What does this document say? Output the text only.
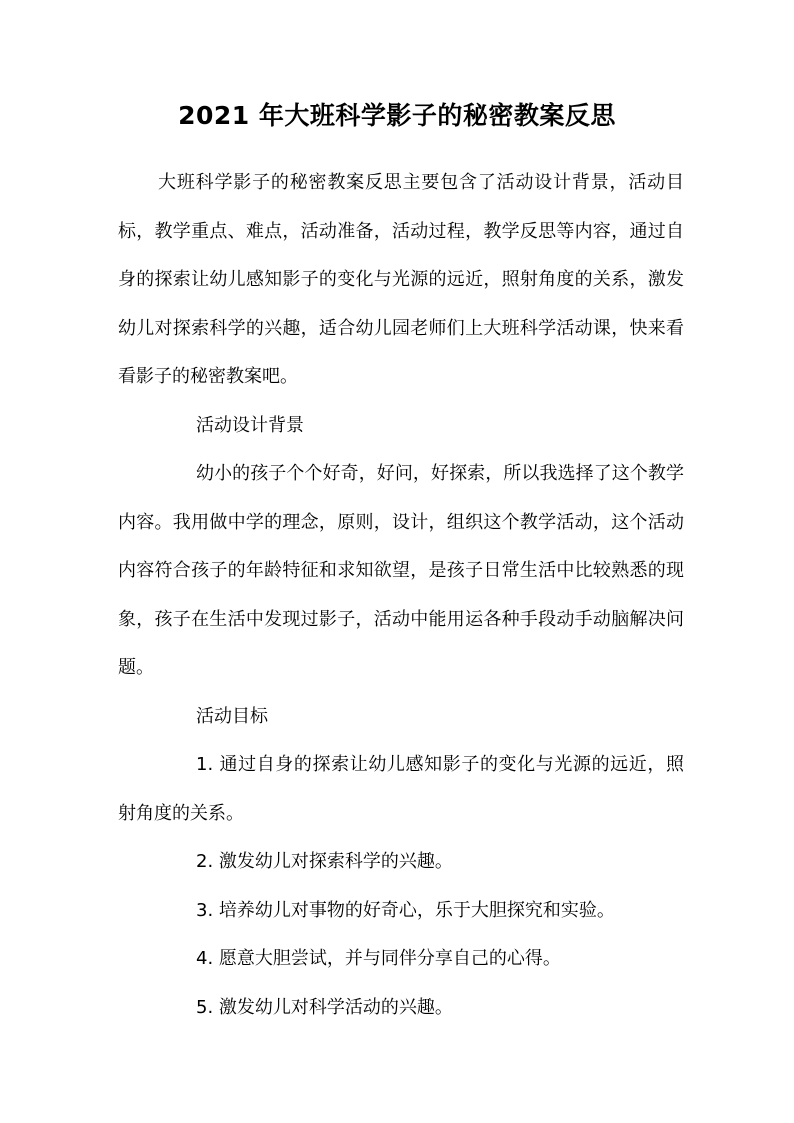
2021 年大班科学影子的秘密教案反思

大班科学影子的秘密教案反思主要包含了活动设计背景，活动目标，教学重点、难点，活动准备，活动过程，教学反思等内容，通过自身的探索让幼儿感知影子的变化与光源的远近，照射角度的关系，激发幼儿对探索科学的兴趣，适合幼儿园老师们上大班科学活动课，快来看看影子的秘密教案吧。

活动设计背景

幼小的孩子个个好奇，好问，好探索，所以我选择了这个教学内容。我用做中学的理念，原则，设计，组织这个教学活动，这个活动内容符合孩子的年龄特征和求知欲望，是孩子日常生活中比较熟悉的现象，孩子在生活中发现过影子，活动中能用运各种手段动手动脑解决问题。

活动目标

1. 通过自身的探索让幼儿感知影子的变化与光源的远近，照射角度的关系。

2. 激发幼儿对探索科学的兴趣。

3. 培养幼儿对事物的好奇心，乐于大胆探究和实验。

4. 愿意大胆尝试，并与同伴分享自己的心得。

5. 激发幼儿对科学活动的兴趣。
